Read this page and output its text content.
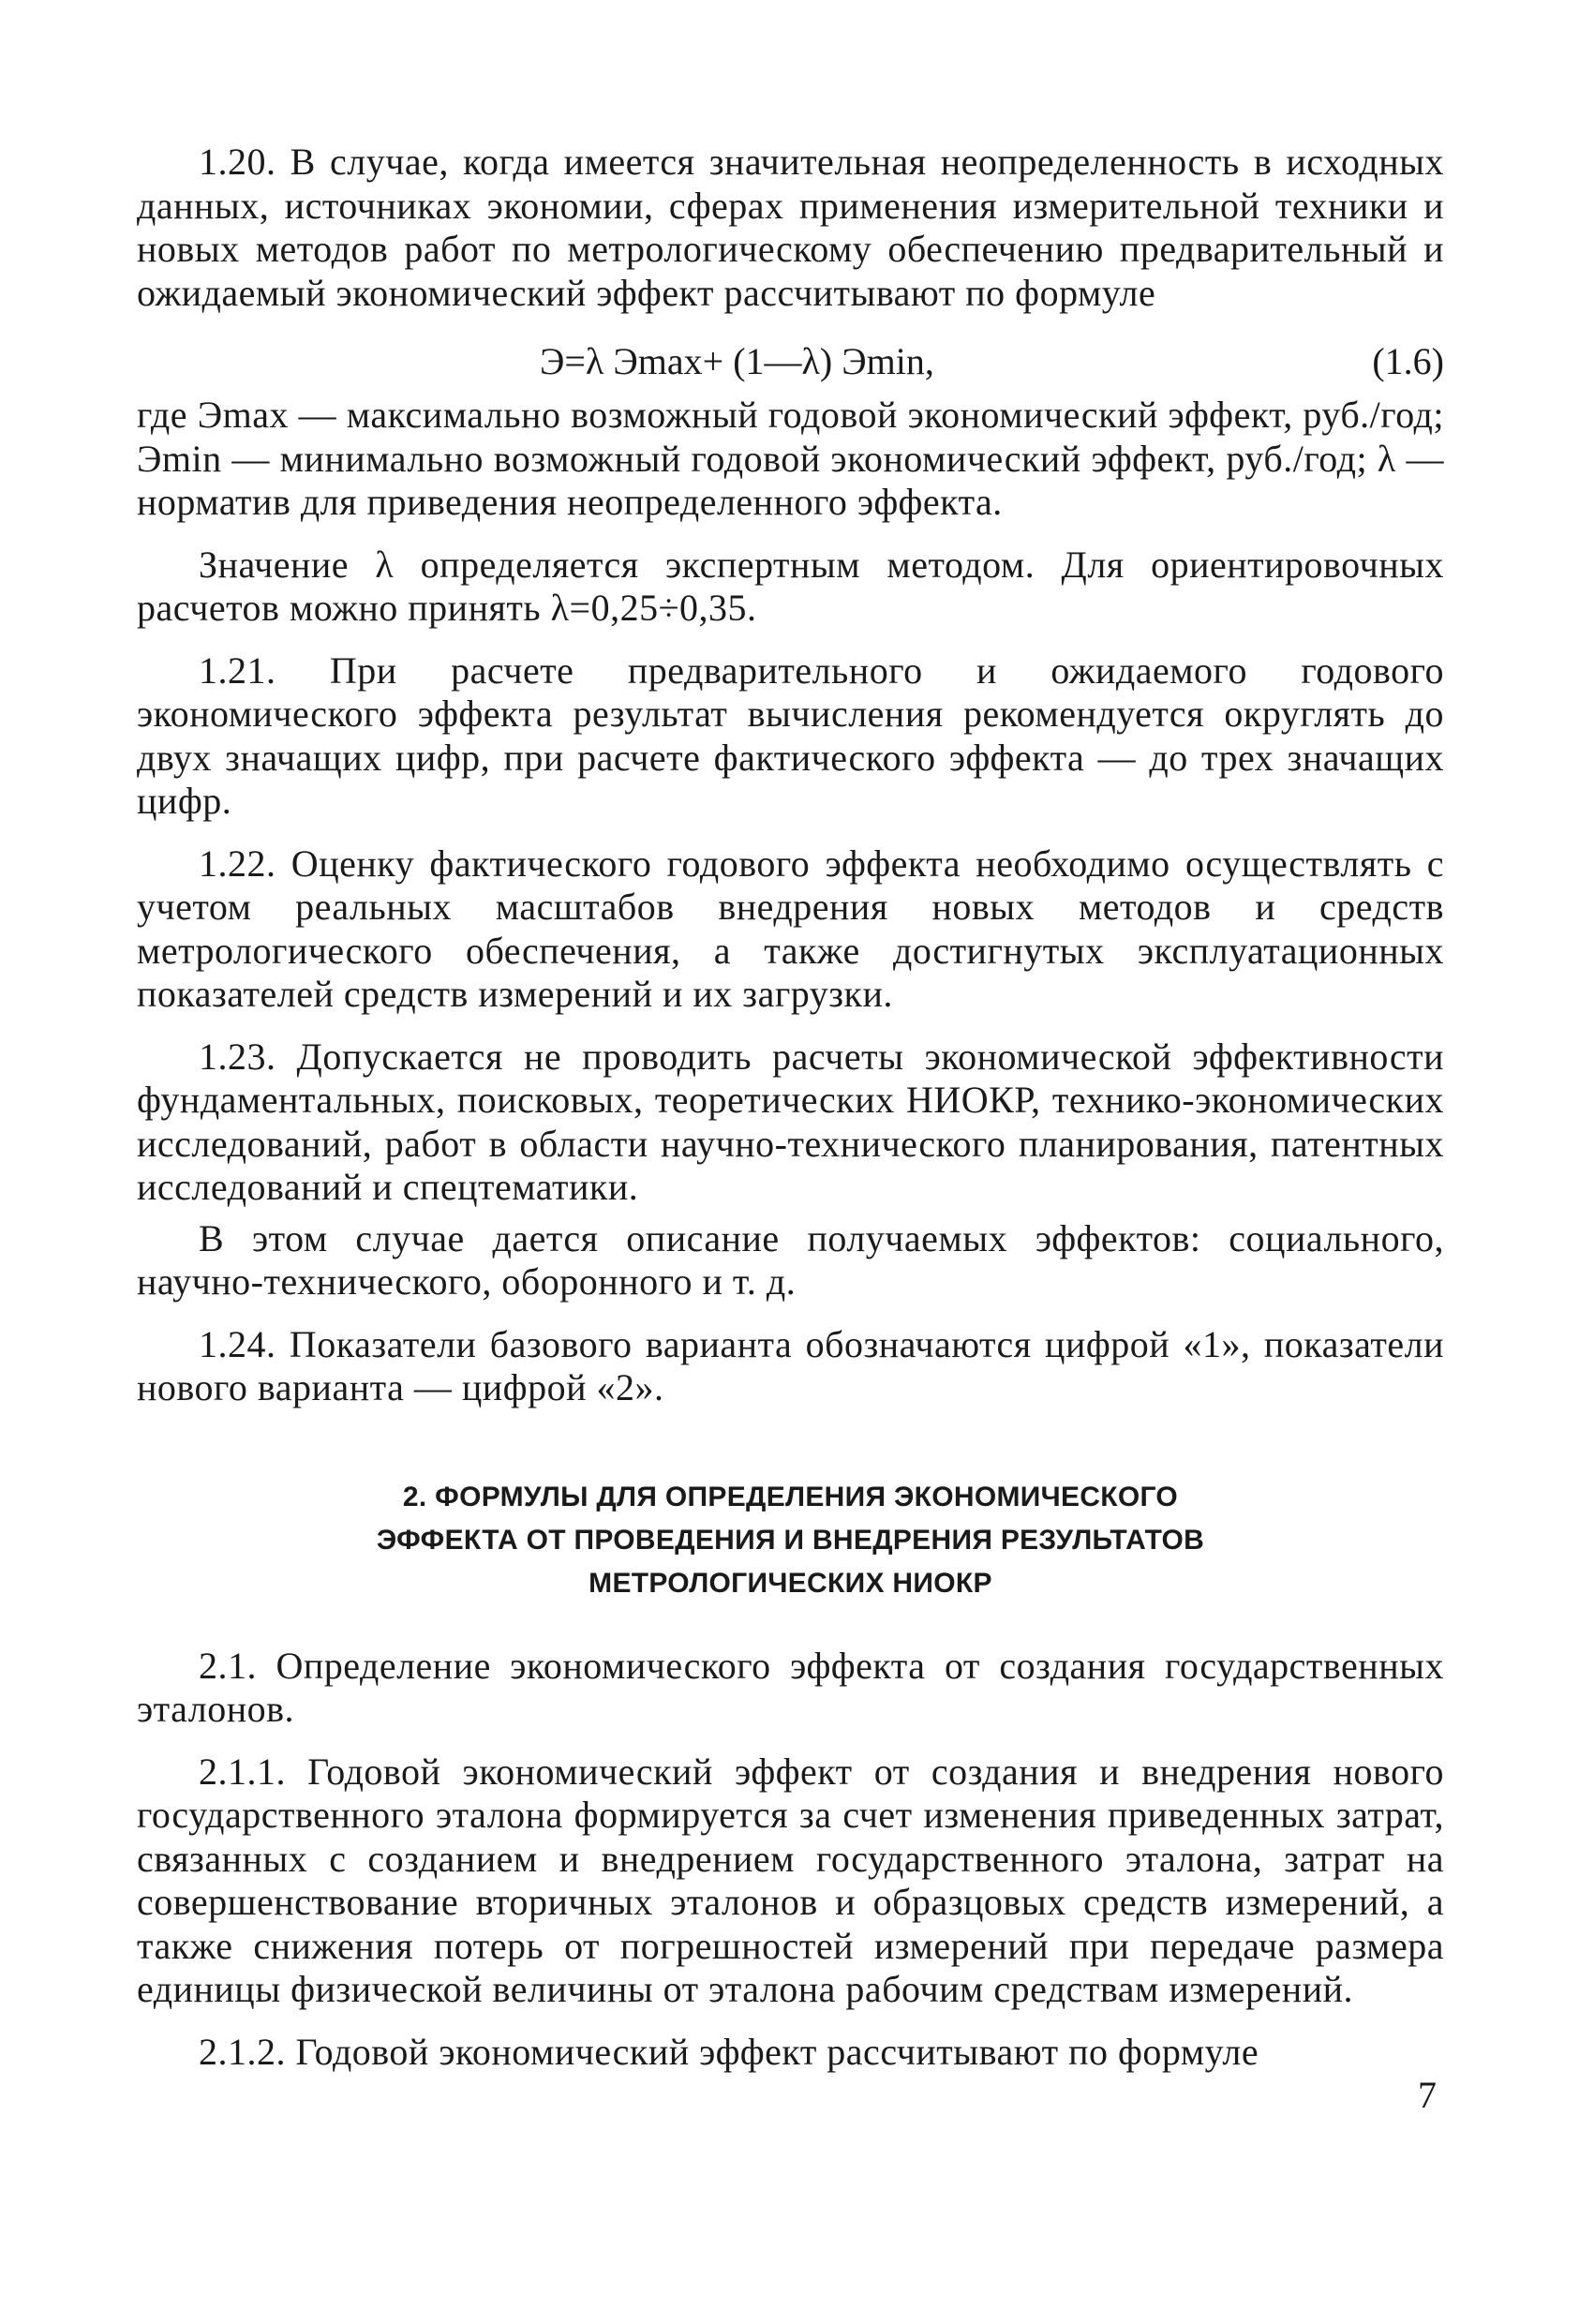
1.20. В случае, когда имеется значительная неопределенность в исходных данных, источниках экономии, сферах применения измерительной техники и новых методов работ по метрологическому обеспечению предварительный и ожидаемый экономический эффект рассчитывают по формуле

Э=λ Эmax+ (1—λ) Эmin,	(1.6)

где Эmax — максимально возможный годовой экономический эффект, руб./год; Эmin — минимально возможный годовой экономический эффект, руб./год; λ — норматив для приведения неопределенного эффекта.

Значение λ определяется экспертным методом. Для ориентировочных расчетов можно принять λ=0,25÷0,35.

1.21. При расчете предварительного и ожидаемого годового экономического эффекта результат вычисления рекомендуется округлять до двух значащих цифр, при расчете фактического эффекта — до трех значащих цифр.

1.22. Оценку фактического годового эффекта необходимо осуществлять с учетом реальных масштабов внедрения новых методов и средств метрологического обеспечения, а также достигнутых эксплуатационных показателей средств измерений и их загрузки.

1.23. Допускается не проводить расчеты экономической эффективности фундаментальных, поисковых, теоретических НИОКР, технико-экономических исследований, работ в области научно-технического планирования, патентных исследований и спецтематики.

В этом случае дается описание получаемых эффектов: социального, научно-технического, оборонного и т. д.

1.24. Показатели базового варианта обозначаются цифрой «1», показатели нового варианта — цифрой «2».

2. ФОРМУЛЫ ДЛЯ ОПРЕДЕЛЕНИЯ ЭКОНОМИЧЕСКОГО
ЭФФЕКТА ОТ ПРОВЕДЕНИЯ И ВНЕДРЕНИЯ РЕЗУЛЬТАТОВ
МЕТРОЛОГИЧЕСКИХ НИОКР

2.1. Определение экономического эффекта от создания государственных эталонов.

2.1.1. Годовой экономический эффект от создания и внедрения нового государственного эталона формируется за счет изменения приведенных затрат, связанных с созданием и внедрением государственного эталона, затрат на совершенствование вторичных эталонов и образцовых средств измерений, а также снижения потерь от погрешностей измерений при передаче размера единицы физической величины от эталона рабочим средствам измерений.

2.1.2. Годовой экономический эффект рассчитывают по формуле

7
